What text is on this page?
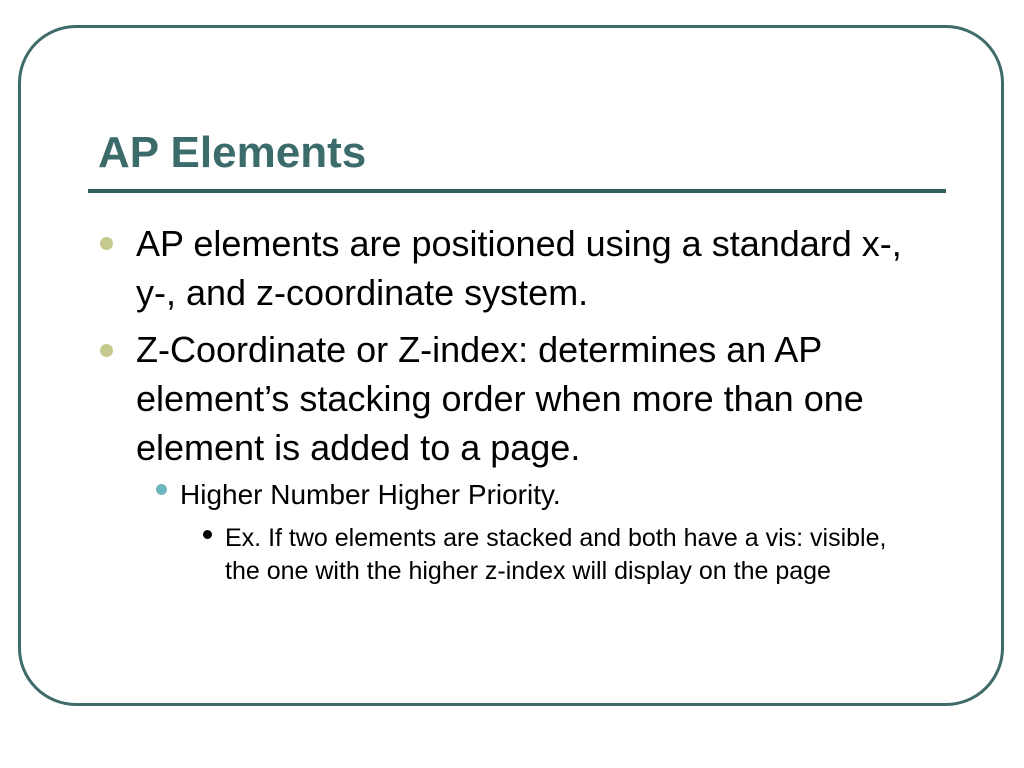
AP Elements

AP elements are positioned using a standard x-, y-, and z-coordinate system.

Z-Coordinate or Z-index: determines an AP element’s stacking order when more than one element is added to a page.

Higher Number Higher Priority.

Ex. If two elements are stacked and both have a vis: visible, the one with the higher z-index will display on the page
